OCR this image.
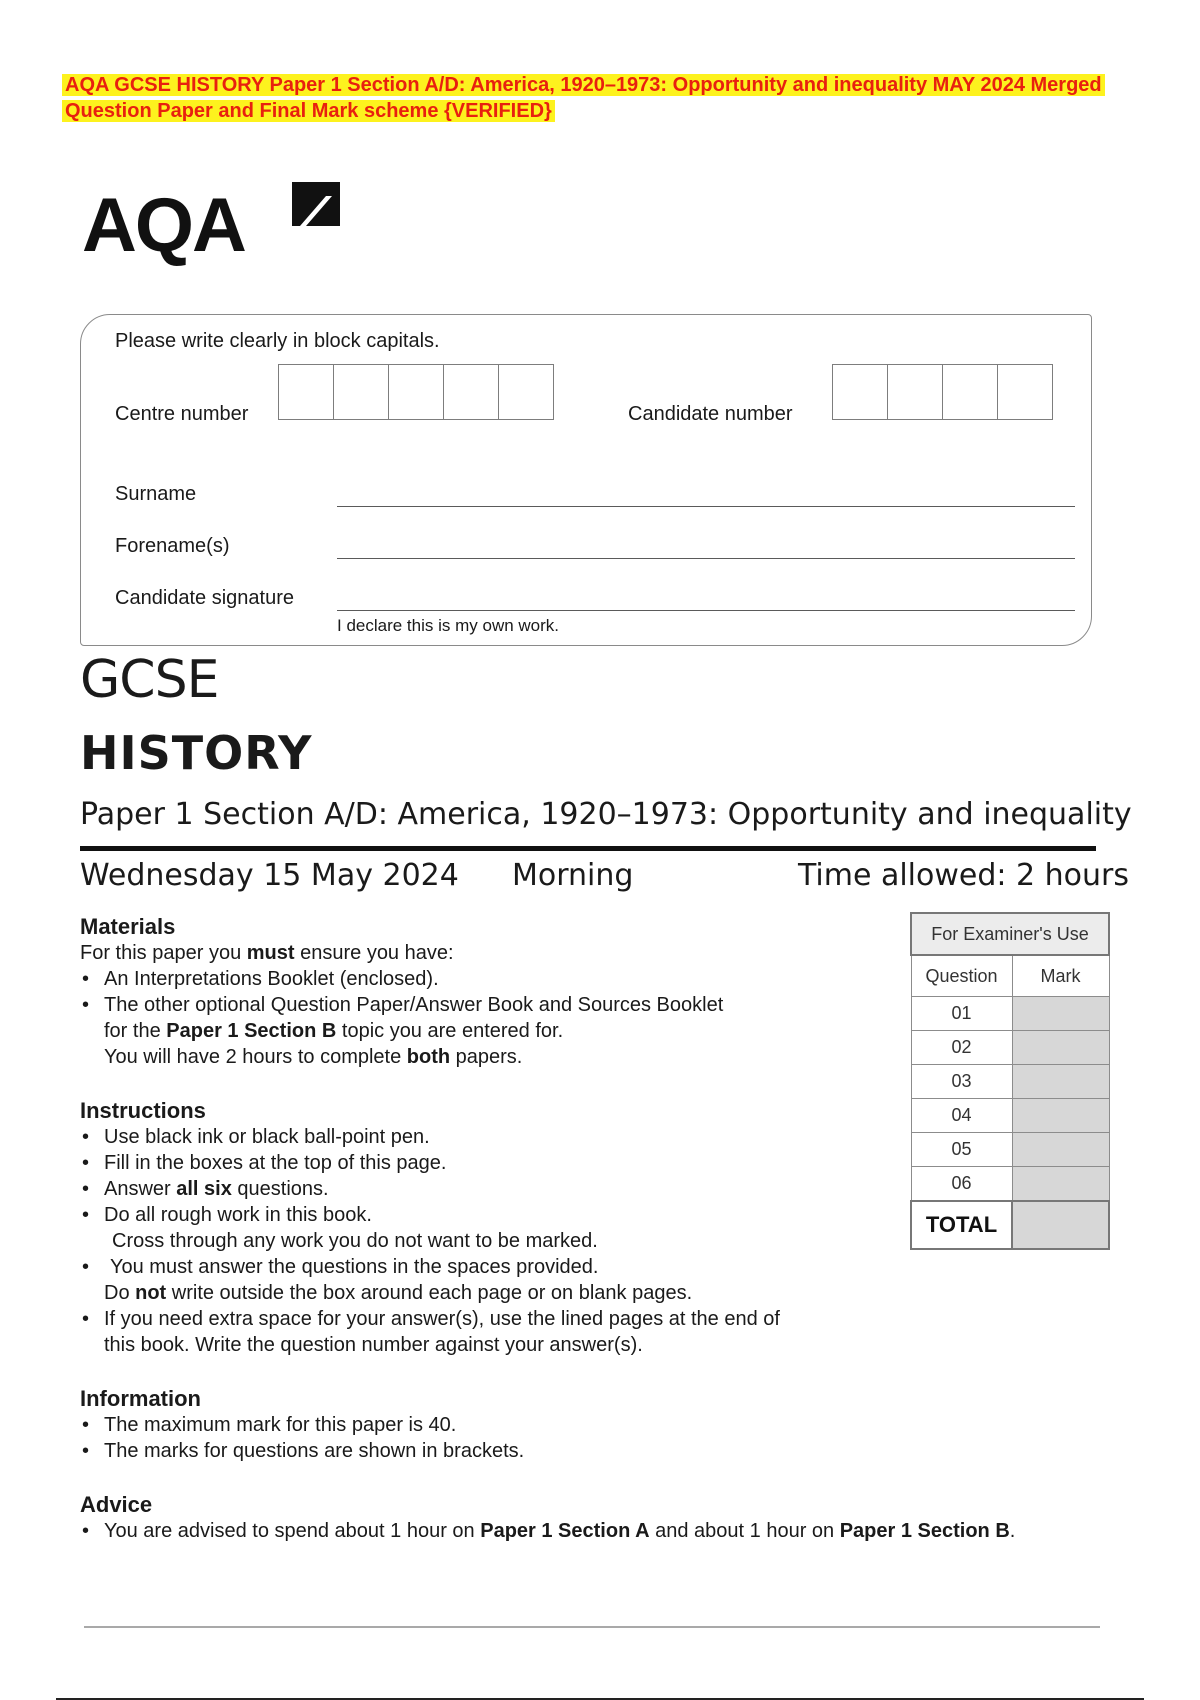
AQA GCSE HISTORY Paper 1 Section A/D: America, 1920–1973: Opportunity and inequality MAY 2024 Merged Question Paper and Final Mark scheme {VERIFIED}
AQA
Please write clearly in block capitals.
Centre number	Candidate number
Surname
Forename(s)
Candidate signature
I declare this is my own work.
GCSE
HISTORY
Paper 1 Section A/D: America, 1920–1973: Opportunity and inequality
Wednesday 15 May 2024 Morning	Time allowed: 2 hours
Materials
For this paper you must ensure you have:
• An Interpretations Booklet (enclosed).
• The other optional Question Paper/Answer Book and Sources Booklet
for the Paper 1 Section B topic you are entered for.
You will have 2 hours to complete both papers.
Instructions
• Use black ink or black ball-point pen.
• Fill in the boxes at the top of this page.
• Answer all six questions.
• Do all rough work in this book.
Cross through any work you do not want to be marked.
• You must answer the questions in the spaces provided.
Do not write outside the box around each page or on blank pages.
• If you need extra space for your answer(s), use the lined pages at the end of
this book. Write the question number against your answer(s).
Information
• The maximum mark for this paper is 40.
• The marks for questions are shown in brackets.
Advice
• You are advised to spend about 1 hour on Paper 1 Section A and about 1 hour on Paper 1 Section B.
For Examiner's Use	
Question	Mark
01	
02	
03	
04	
05	
06	
TOTAL	
